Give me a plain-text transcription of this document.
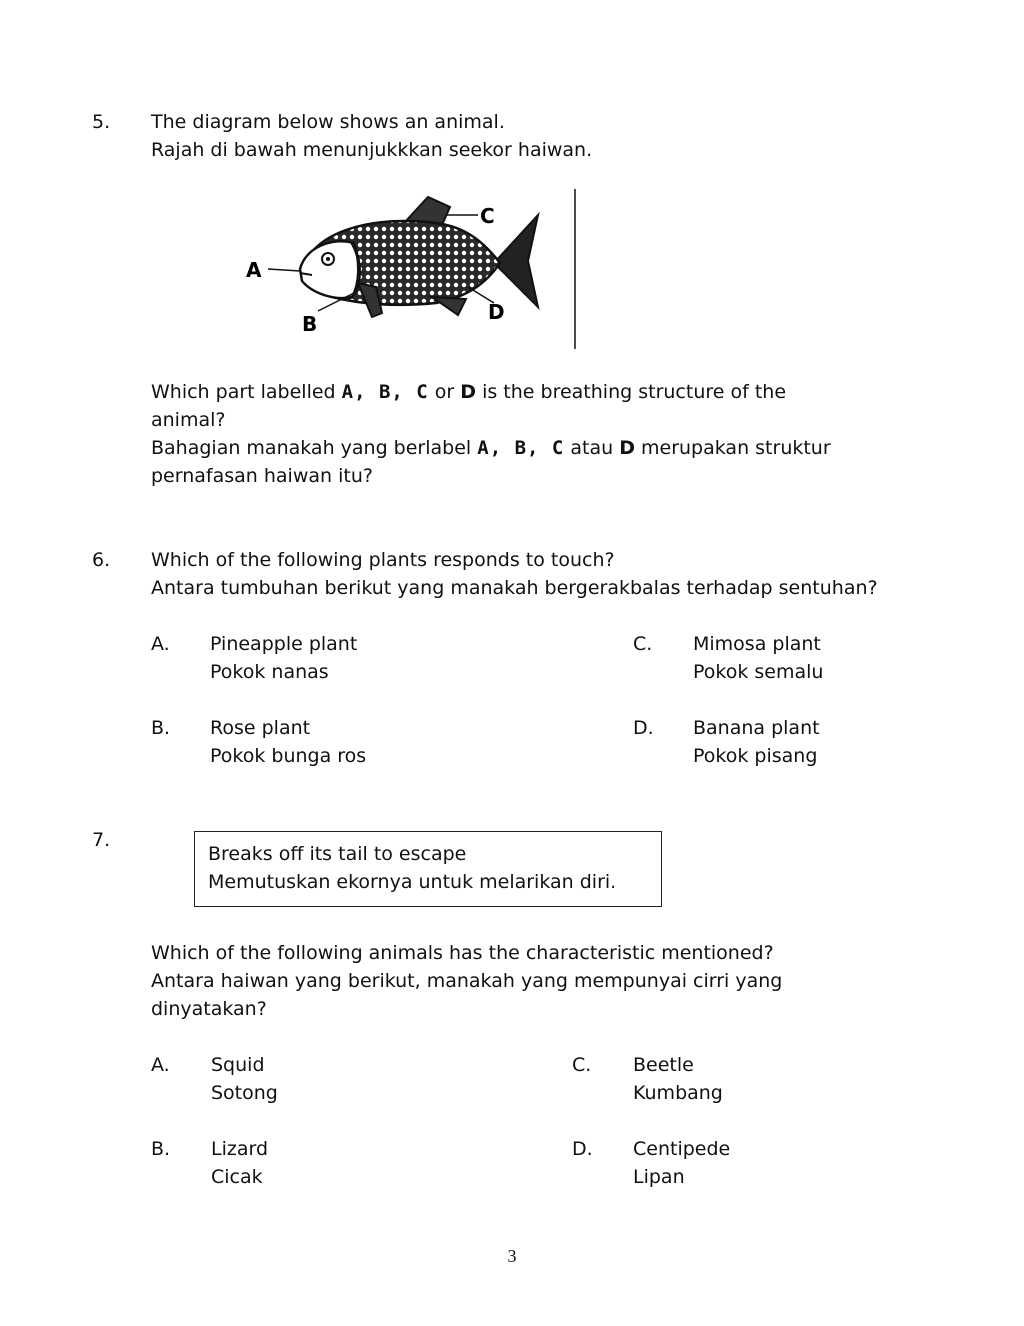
5. The diagram below shows an animal.
Rajah di bawah menunjukkkan seekor haiwan.
A
B
C
D
Which part labelled A, B, C or D is the breathing structure of the
animal?
Bahagian manakah yang berlabel A, B, C atau D merupakan struktur
pernafasan haiwan itu?
6. Which of the following plants responds to touch?
Antara tumbuhan berikut yang manakah bergerakbalas terhadap sentuhan?
A. Pineapple plant
Pokok nanas
B. Rose plant
Pokok bunga ros
C. Mimosa plant
Pokok semalu
D. Banana plant
Pokok pisang
7.
Breaks off its tail to escape
Memutuskan ekornya untuk melarikan diri.
Which of the following animals has the characteristic mentioned?
Antara haiwan yang berikut, manakah yang mempunyai cirri yang
dinyatakan?
A. Squid
Sotong
B. Lizard
Cicak
C. Beetle
Kumbang
D. Centipede
Lipan
3
